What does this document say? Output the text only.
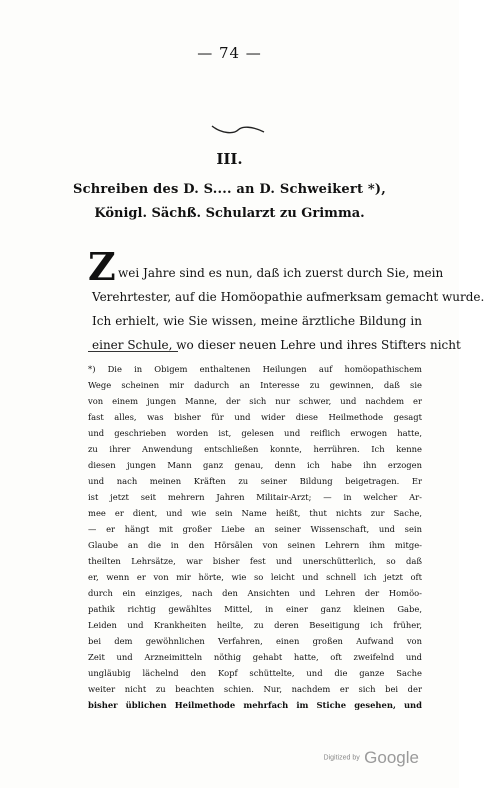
— 74 —
III.
Schreiben des D. S.... an D. Schweikert *),
Königl. Sächß. Schularzt zu Grimma.
Z wei Jahre sind es nun, daß ich zuerst durch Sie, mein
Verehrtester, auf die Homöopathie aufmerksam gemacht wurde.
Ich erhielt, wie Sie wissen, meine ärztliche Bildung in
einer Schule, wo dieser neuen Lehre und ihres Stifters nicht
*) Die in Obigem enthaltenen Heilungen auf homöopathischem
Wege scheinen mir dadurch an Interesse zu gewinnen, daß sie
von einem jungen Manne, der sich nur schwer, und nachdem er
fast alles, was bisher für und wider diese Heilmethode gesagt
und geschrieben worden ist, gelesen und reiflich erwogen hatte,
zu ihrer Anwendung entschließen konnte, herrühren. Ich kenne
diesen jungen Mann ganz genau, denn ich habe ihn erzogen
und nach meinen Kräften zu seiner Bildung beigetragen. Er
ist jetzt seit mehrern Jahren Militair-Arzt; — in welcher Ar-
mee er dient, und wie sein Name heißt, thut nichts zur Sache,
— er hängt mit großer Liebe an seiner Wissenschaft, und sein
Glaube an die in den Hörsälen von seinen Lehrern ihm mitge-
theilten Lehrsätze, war bisher fest und unerschütterlich, so daß
er, wenn er von mir hörte, wie so leicht und schnell ich jetzt oft
durch ein einziges, nach den Ansichten und Lehren der Homöo-
pathik richtig gewähltes Mittel, in einer ganz kleinen Gabe,
Leiden und Krankheiten heilte, zu deren Beseitigung ich früher,
bei dem gewöhnlichen Verfahren, einen großen Aufwand von
Zeit und Arzneimitteln nöthig gehabt hatte, oft zweifelnd und
ungläubig lächelnd den Kopf schüttelte, und die ganze Sache
weiter nicht zu beachten schien. Nur, nachdem er sich bei der
bisher üblichen Heilmethode mehrfach im Stiche gesehen, und
Digitized by Google
